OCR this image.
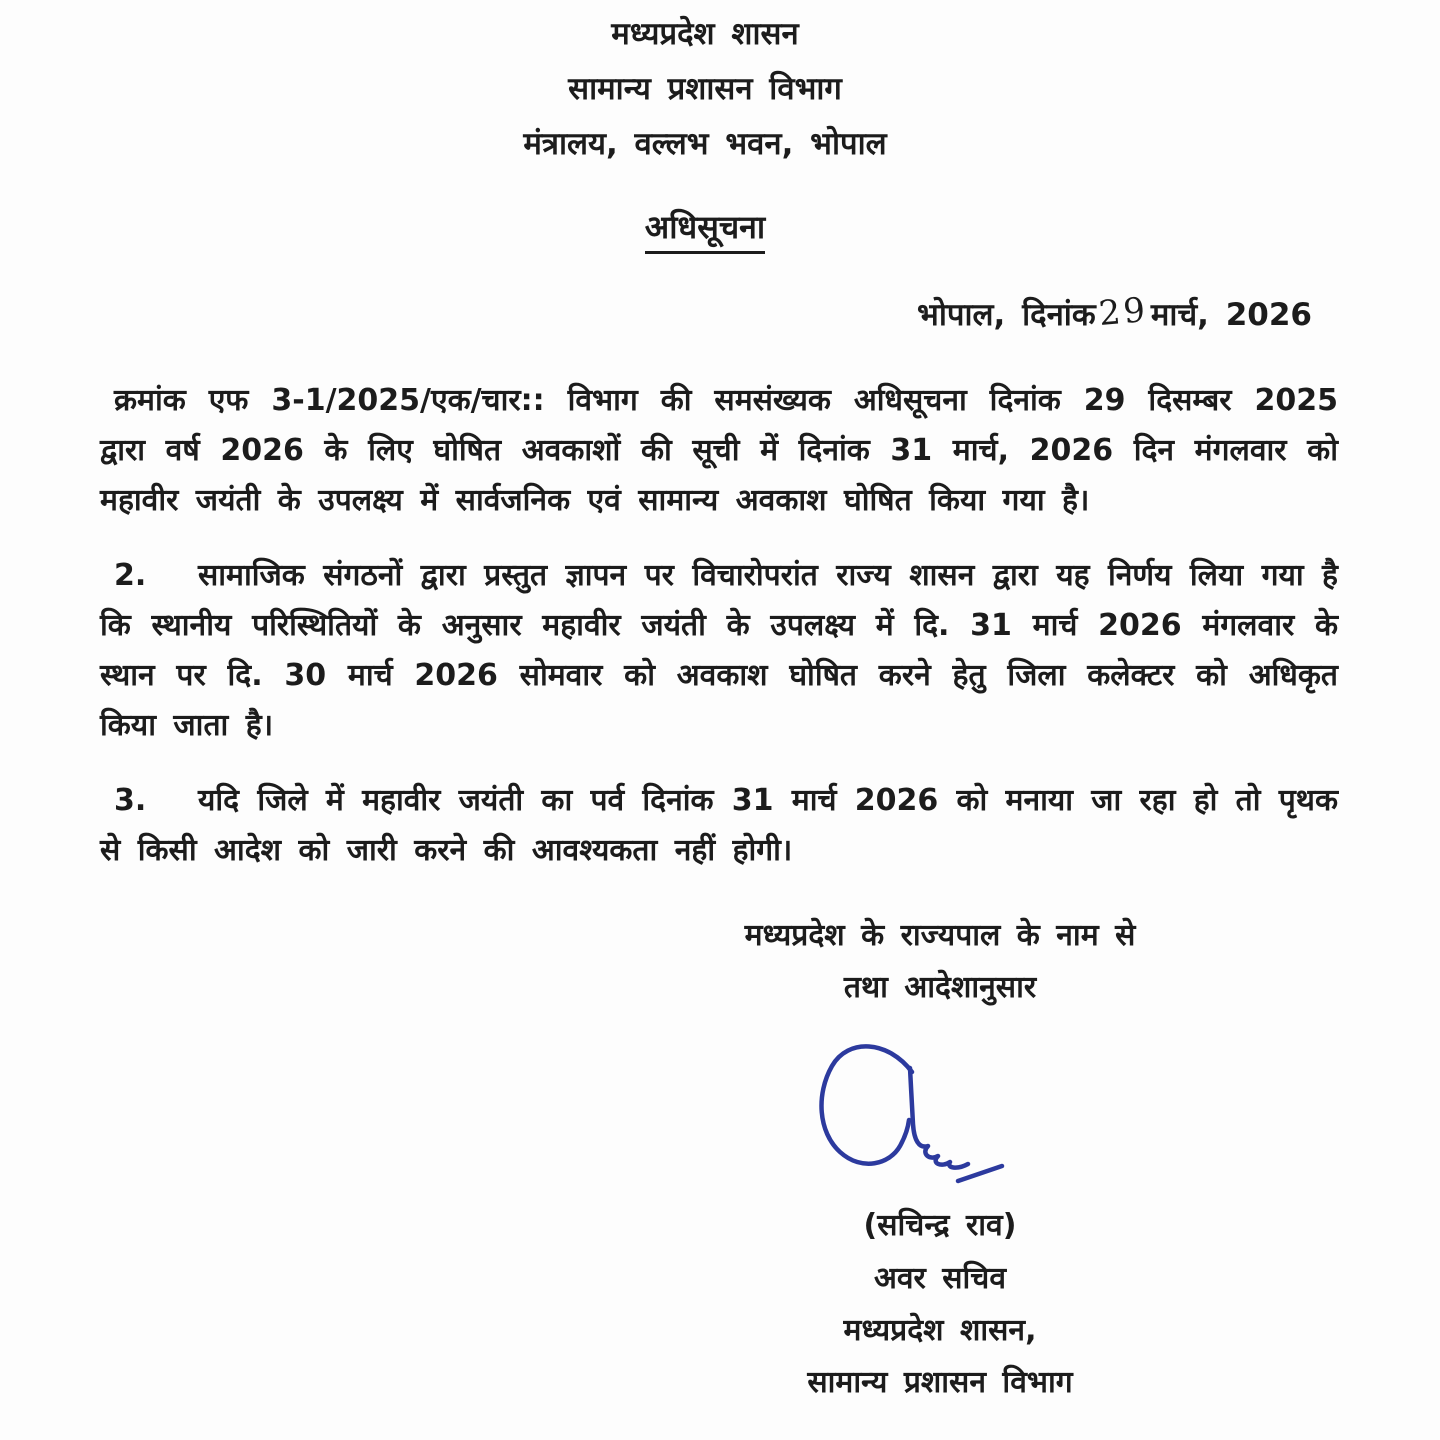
मध्यप्रदेश शासन
सामान्य प्रशासन विभाग
मंत्रालय, वल्लभ भवन, भोपाल
अधिसूचना
भोपाल, दिनांक29मार्च, 2026

क्रमांक एफ 3-1/2025/एक/चार:: विभाग की समसंख्यक अधिसूचना दिनांक 29 दिसम्बर 2025 द्वारा वर्ष 2026 के लिए घोषित अवकाशों की सूची में दिनांक 31 मार्च, 2026 दिन मंगलवार को महावीर जयंती के उपलक्ष्य में सार्वजनिक एवं सामान्य अवकाश घोषित किया गया है।

2. सामाजिक संगठनों द्वारा प्रस्तुत ज्ञापन पर विचारोपरांत राज्य शासन द्वारा यह निर्णय लिया गया है कि स्थानीय परिस्थितियों के अनुसार महावीर जयंती के उपलक्ष्य में दि. 31 मार्च 2026 मंगलवार के स्थान पर दि. 30 मार्च 2026 सोमवार को अवकाश घोषित करने हेतु जिला कलेक्टर को अधिकृत किया जाता है।

3. यदि जिले में महावीर जयंती का पर्व दिनांक 31 मार्च 2026 को मनाया जा रहा हो तो पृथक से किसी आदेश को जारी करने की आवश्यकता नहीं होगी।

मध्यप्रदेश के राज्यपाल के नाम से
तथा आदेशानुसार
(सचिन्द्र राव)
अवर सचिव
मध्यप्रदेश शासन,
सामान्य प्रशासन विभाग
